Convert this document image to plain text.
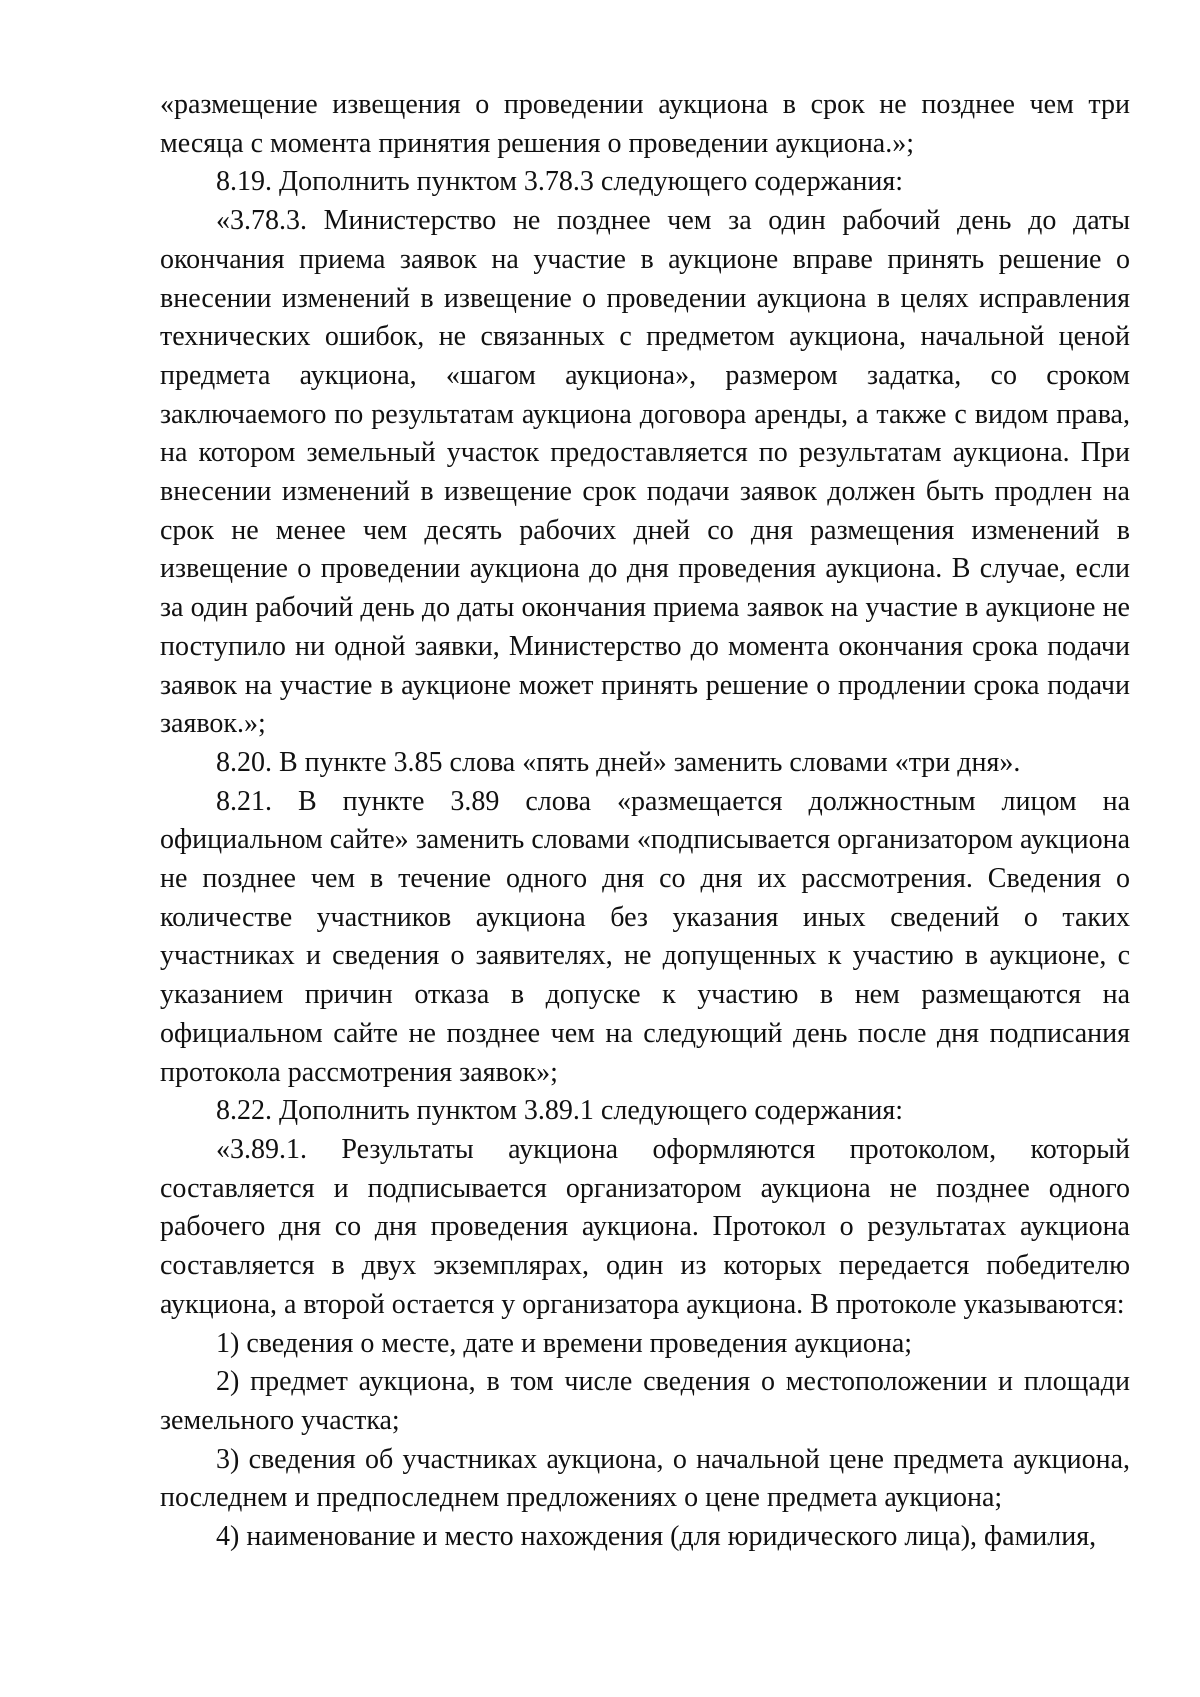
«размещение извещения о проведении аукциона в срок не позднее чем три месяца с момента принятия решения о проведении аукциона.»;

8.19. Дополнить пунктом 3.78.3 следующего содержания:

«3.78.3. Министерство не позднее чем за один рабочий день до даты окончания приема заявок на участие в аукционе вправе принять решение о внесении изменений в извещение о проведении аукциона в целях исправления технических ошибок, не связанных с предметом аукциона, начальной ценой предмета аукциона, «шагом аукциона», размером задатка, со сроком заключаемого по результатам аукциона договора аренды, а также с видом права, на котором земельный участок предоставляется по результатам аукциона. При внесении изменений в извещение срок подачи заявок должен быть продлен на срок не менее чем десять рабочих дней со дня размещения изменений в извещение о проведении аукциона до дня проведения аукциона. В случае, если за один рабочий день до даты окончания приема заявок на участие в аукционе не поступило ни одной заявки, Министерство до момента окончания срока подачи заявок на участие в аукционе может принять решение о продлении срока подачи заявок.»;

8.20. В пункте 3.85 слова «пять дней» заменить словами «три дня».

8.21. В пункте 3.89 слова «размещается должностным лицом на официальном сайте» заменить словами «подписывается организатором аукциона не позднее чем в течение одного дня со дня их рассмотрения. Сведения о количестве участников аукциона без указания иных сведений о таких участниках и сведения о заявителях, не допущенных к участию в аукционе, с указанием причин отказа в допуске к участию в нем размещаются на официальном сайте не позднее чем на следующий день после дня подписания протокола рассмотрения заявок»;

8.22. Дополнить пунктом 3.89.1 следующего содержания:

«3.89.1. Результаты аукциона оформляются протоколом, который составляется и подписывается организатором аукциона не позднее одного рабочего дня со дня проведения аукциона. Протокол о результатах аукциона составляется в двух экземплярах, один из которых передается победителю аукциона, а второй остается у организатора аукциона. В протоколе указываются:

1) сведения о месте, дате и времени проведения аукциона;

2) предмет аукциона, в том числе сведения о местоположении и площади земельного участка;

3) сведения об участниках аукциона, о начальной цене предмета аукциона, последнем и предпоследнем предложениях о цене предмета аукциона;

4) наименование и место нахождения (для юридического лица), фамилия,
